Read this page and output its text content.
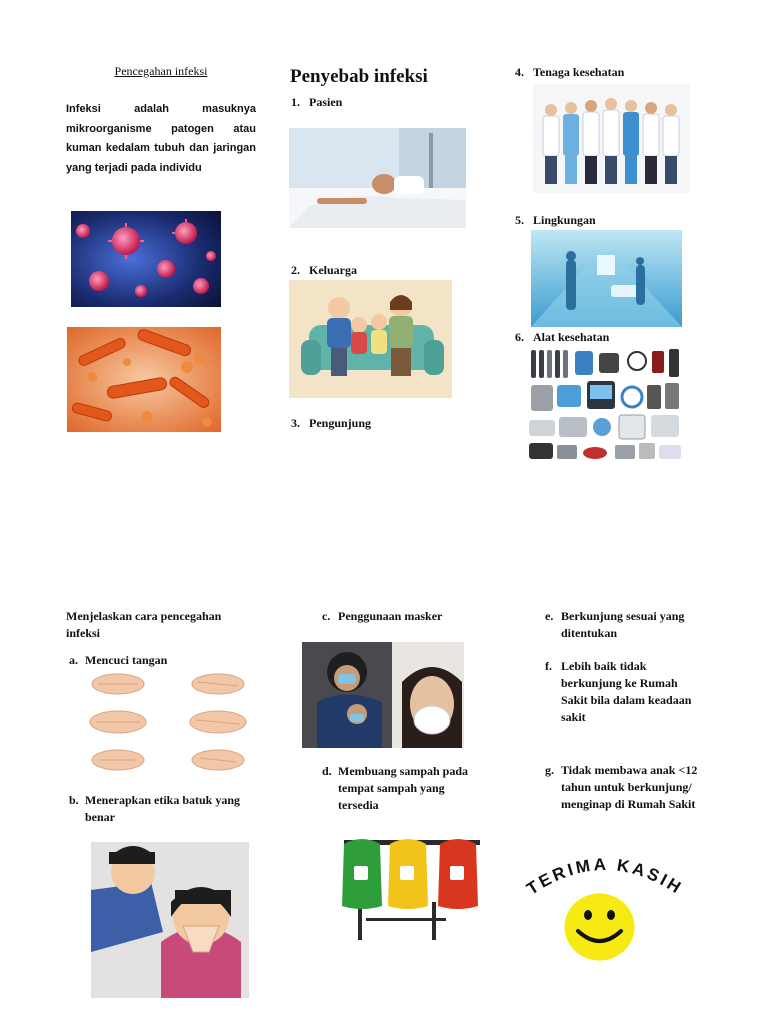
Pencegahan infeksi
Infeksi adalah masuknya mikroorganisme patogen atau kuman kedalam tubuh dan jaringan yang terjadi pada individu
Penyebab infeksi
1. Pasien
2. Keluarga
3. Pengunjung
4. Tenaga kesehatan
5. Lingkungan
6. Alat kesehatan
Menjelaskan cara pencegahan infeksi
a. Mencuci tangan
b. Menerapkan etika batuk yang benar
c. Penggunaan masker
d. Membuang sampah pada tempat sampah yang tersedia
e. Berkunjung sesuai yang ditentukan
f. Lebih baik tidak berkunjung ke Rumah Sakit bila dalam keadaan sakit
g. Tidak membawa anak <12 tahun untuk berkunjung/ menginap di Rumah Sakit
TERIMA KASIH
